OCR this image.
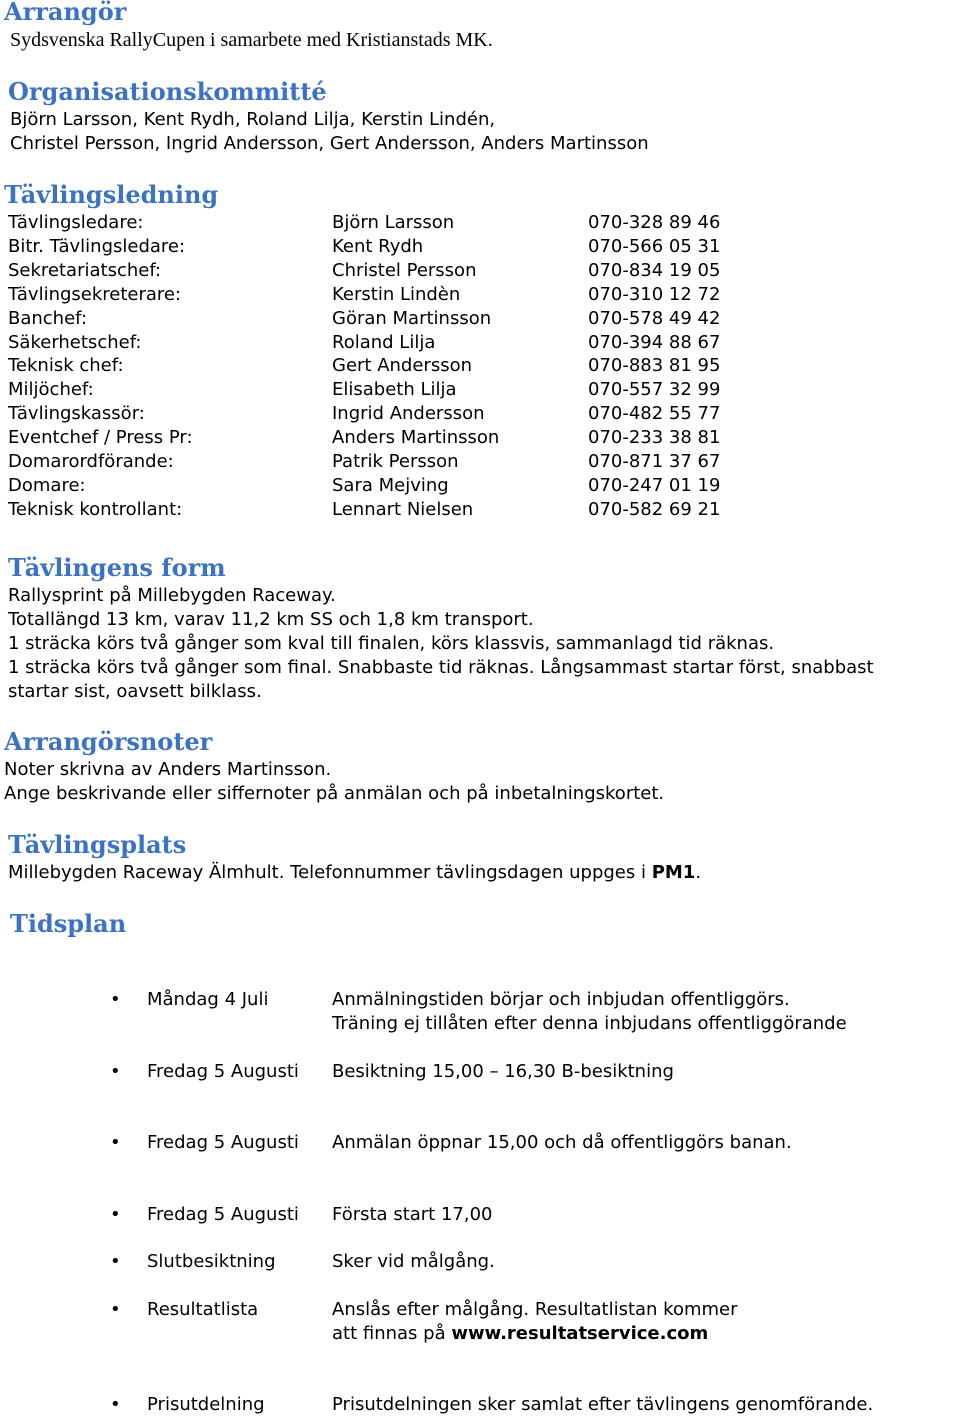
Arrangör
Sydsvenska RallyCupen i samarbete med Kristianstads MK.
Organisationskommitté
Björn Larsson, Kent Rydh, Roland Lilja, Kerstin Lindén,
Christel Persson, Ingrid Andersson, Gert Andersson, Anders Martinsson
Tävlingsledning
Tävlingsledare:	Björn Larsson	070-328 89 46
Bitr. Tävlingsledare:	Kent Rydh	070-566 05 31
Sekretariatschef:	Christel Persson	070-834 19 05
Tävlingsekreterare:	Kerstin Lindèn	070-310 12 72
Banchef:	Göran Martinsson	070-578 49 42
Säkerhetschef:	Roland Lilja	070-394 88 67
Teknisk chef:	Gert Andersson	070-883 81 95
Miljöchef:	Elisabeth Lilja	070-557 32 99
Tävlingskassör:	Ingrid Andersson	070-482 55 77
Eventchef / Press Pr:	Anders Martinsson	070-233 38 81
Domarordförande:	Patrik Persson	070-871 37 67
Domare:	Sara Mejving	070-247 01 19
Teknisk kontrollant:	Lennart Nielsen	070-582 69 21
Tävlingens form
Rallysprint på Millebygden Raceway.
Totallängd 13 km, varav 11,2 km SS och 1,8 km transport.
1 sträcka körs två gånger som kval till finalen, körs klassvis, sammanlagd tid räknas.
1 sträcka körs två gånger som final. Snabbaste tid räknas. Långsammast startar först, snabbast
startar sist, oavsett bilklass.
Arrangörsnoter
Noter skrivna av Anders Martinsson.
Ange beskrivande eller siffernoter på anmälan och på inbetalningskortet.
Tävlingsplats
Millebygden Raceway Älmhult. Telefonnummer tävlingsdagen uppges i PM1.
Tidsplan
• Måndag 4 Juli	Anmälningstiden börjar och inbjudan offentliggörs.
Träning ej tillåten efter denna inbjudans offentliggörande
• Fredag 5 Augusti Besiktning 15,00 – 16,30 B-besiktning
• Fredag 5 Augusti Anmälan öppnar 15,00 och då offentliggörs banan.
• Fredag 5 Augusti Första start 17,00
• Slutbesiktning	Sker vid målgång.
• Resultatlista	Anslås efter målgång. Resultatlistan kommer
att finnas på www.resultatservice.com
• Prisutdelning	Prisutdelningen sker samlat efter tävlingens genomförande.
